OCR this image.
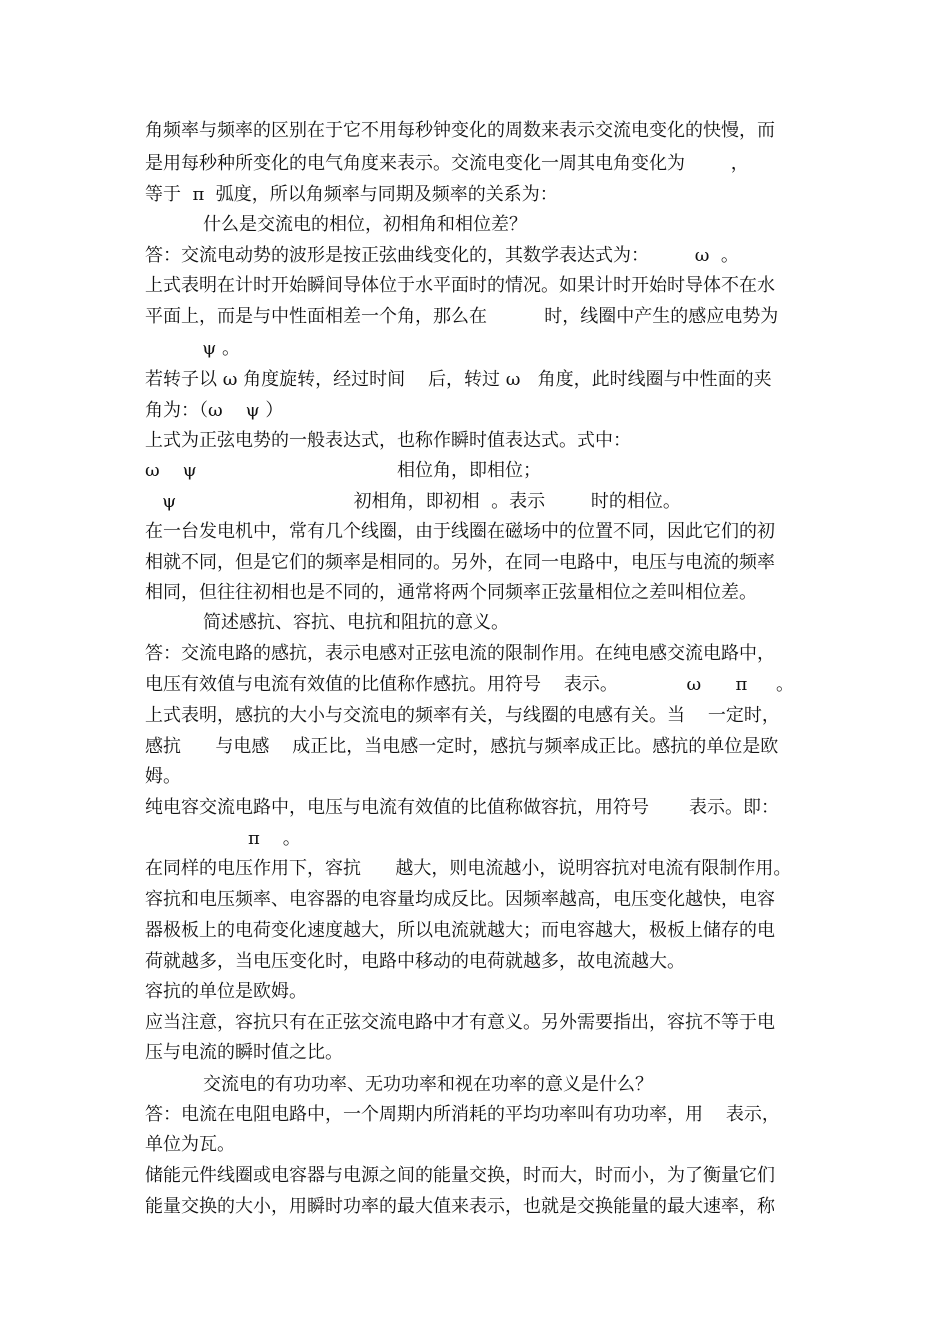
角频率与频率的区别在于它不用每秒钟变化的周数来表示交流电变化的快慢，而
是用每秒种所变化的电气角度来表示。交流电变化一周其电角变化为        ，
等于  π  弧度，所以角频率与同期及频率的关系为：
什么是交流电的相位，初相角和相位差？
答：交流电动势的波形是按正弦曲线变化的，其数学表达式为：        ω  。
上式表明在计时开始瞬间导体位于水平面时的情况。如果计时开始时导体不在水
平面上，而是与中性面相差一个角，那么在          时，线圈中产生的感应电势为
ψ 。
若转子以 ω 角度旋转，经过时间    后，转过 ω   角度，此时线圈与中性面的夹
角为：（ω    ψ ）
上式为正弦电势的一般表达式，也称作瞬时值表达式。式中：
ω    ψ                                   相位角，即相位；
ψ                               初相角，即初相  。表示        时的相位。
在一台发电机中，常有几个线圈，由于线圈在磁场中的位置不同，因此它们的初
相就不同，但是它们的频率是相同的。另外，在同一电路中，电压与电流的频率
相同，但往往初相也是不同的，通常将两个同频率正弦量相位之差叫相位差。
简述感抗、容抗、电抗和阻抗的意义。
答：交流电路的感抗，表示电感对正弦电流的限制作用。在纯电感交流电路中，
电压有效值与电流有效值的比值称作感抗。用符号    表示。            ω      π     。
上式表明，感抗的大小与交流电的频率有关，与线圈的电感有关。当    一定时，
感抗      与电感    成正比，当电感一定时，感抗与频率成正比。感抗的单位是欧
姆。
纯电容交流电路中，电压与电流有效值的比值称做容抗，用符号       表示。即：
π    。
在同样的电压作用下，容抗      越大，则电流越小，说明容抗对电流有限制作用。
容抗和电压频率、电容器的电容量均成反比。因频率越高，电压变化越快，电容
器极板上的电荷变化速度越大，所以电流就越大；而电容越大，极板上储存的电
荷就越多，当电压变化时，电路中移动的电荷就越多，故电流越大。
容抗的单位是欧姆。
应当注意，容抗只有在正弦交流电路中才有意义。另外需要指出，容抗不等于电
压与电流的瞬时值之比。
交流电的有功功率、无功功率和视在功率的意义是什么？
答：电流在电阻电路中，一个周期内所消耗的平均功率叫有功功率，用    表示，
单位为瓦。
储能元件线圈或电容器与电源之间的能量交换，时而大，时而小，为了衡量它们
能量交换的大小，用瞬时功率的最大值来表示，也就是交换能量的最大速率，称
